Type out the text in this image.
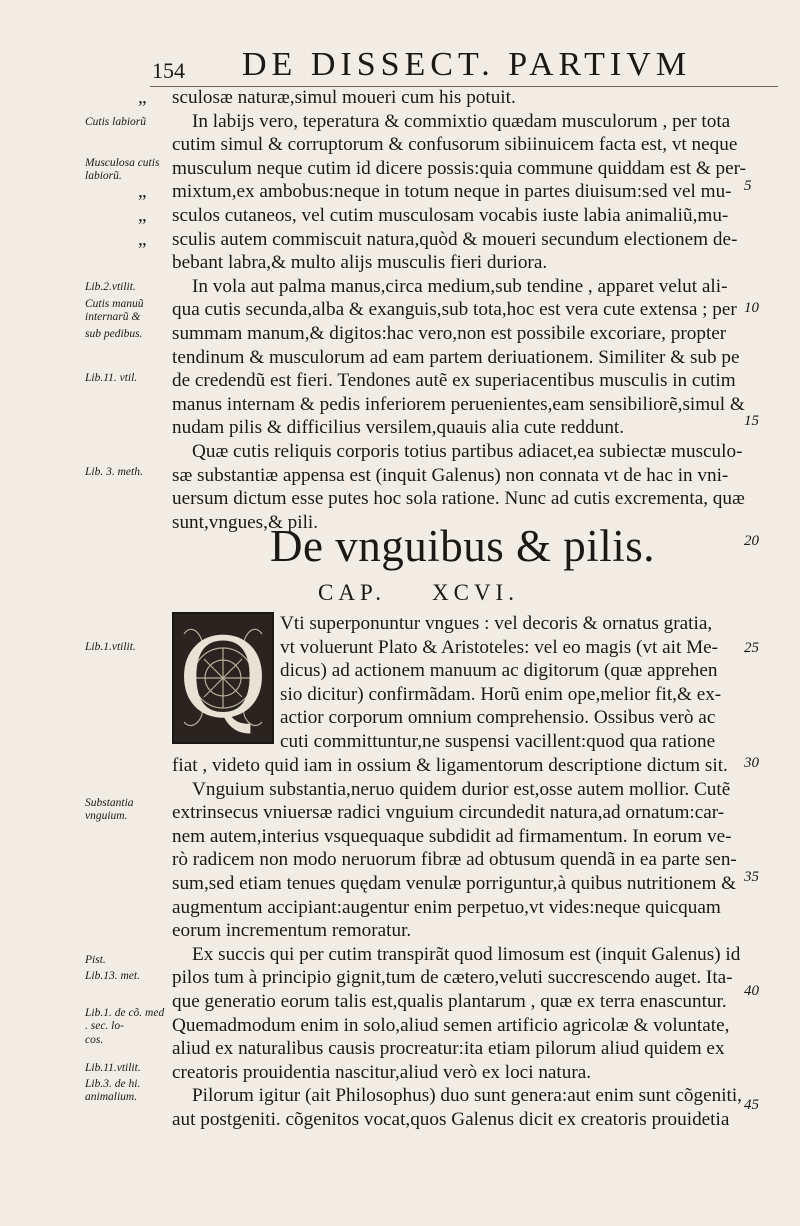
154 DE DISSECT. PARTIVM
Cutis labiorũ
Musculosa cutis labiorũ.
Lib.2.vtilit.
Cutis manuũ internarũ &
sub pedibus.
Lib.11. vtil.
Lib. 3. meth.
Lib.1.vtilit.
Substantia vnguium.
Pist.
Lib.13. met.
Lib.1. de cõ. med . sec. lo-
cos.
Lib.11.vtilit.
Lib.3. de hi. animalium.
5
10
15
20
25
30
35
40
45
„ sculosæ naturæ,simul moueri cum his potuit.
In labijs vero, teperatura & commixtio quædam musculorum , per tota
cutim simul & corruptorum & confusorum sibiinuicem facta est, vt neque
musculum neque cutim id dicere possis:quia commune quiddam est & per-
„ mixtum,ex ambobus:neque in totum neque in partes diuisum:sed vel mu-
„ sculos cutaneos, vel cutim musculosam vocabis iuste labia animaliũ,mu-
„ sculis autem commiscuit natura,quòd & moueri secundum electionem de-
bebant labra,& multo alijs musculis fieri duriora.
In vola aut palma manus,circa medium,sub tendine , apparet velut ali-
qua cutis secunda,alba & exanguis,sub tota,hoc est vera cute extensa ; per
summam manum,& digitos:hac vero,non est possibile excoriare, propter
tendinum & musculorum ad eam partem deriuationem. Similiter & sub pe
de credendũ est fieri. Tendones autẽ ex superiacentibus musculis in cutim
manus internam & pedis inferiorem peruenientes,eam sensibiliorẽ,simul &
nudam pilis & difficilius versilem,quauis alia cute reddunt.
Quæ cutis reliquis corporis totius partibus adiacet,ea subiectæ musculo-
sæ substantiæ appensa est (inquit Galenus) non connata vt de hac in vni-
uersum dictum esse putes hoc sola ratione. Nunc ad cutis excrementa, quæ
sunt,vngues,& pili.
De vnguibus & pilis.
CAP. XCVI.
Q Vti superponuntur vngues : vel decoris & ornatus gratia,
vt voluerunt Plato & Aristoteles: vel eo magis (vt ait Me-
dicus) ad actionem manuum ac digitorum (quæ apprehen
sio dicitur) confirmãdam. Horũ enim ope,melior fit,& ex-
actior corporum omnium comprehensio. Ossibus verò ac
cuti committuntur,ne suspensi vacillent:quod qua ratione
fiat , videto quid iam in ossium & ligamentorum descriptione dictum sit.
Vnguium substantia,neruo quidem durior est,osse autem mollior. Cutẽ
extrinsecus vniuersæ radici vnguium circundedit natura,ad ornatum:car-
nem autem,interius vsquequaque subdidit ad firmamentum. In eorum ve-
rò radicem non modo neruorum fibræ ad obtusum quendã in ea parte sen-
sum,sed etiam tenues quędam venulæ porriguntur,à quibus nutritionem &
augmentum accipiant:augentur enim perpetuo,vt vides:neque quicquam
eorum incrementum remoratur.
Ex succis qui per cutim transpirãt quod limosum est (inquit Galenus) id
pilos tum à principio gignit,tum de cætero,veluti succrescendo auget. Ita-
que generatio eorum talis est,qualis plantarum , quæ ex terra enascuntur.
Quemadmodum enim in solo,aliud semen artificio agricolæ & voluntate,
aliud ex naturalibus causis procreatur:ita etiam pilorum aliud quidem ex
creatoris prouidentia nascitur,aliud verò ex loci natura.
Pilorum igitur (ait Philosophus) duo sunt genera:aut enim sunt cõgeniti,
aut postgeniti. cõgenitos vocat,quos Galenus dicit ex creatoris prouidetia
